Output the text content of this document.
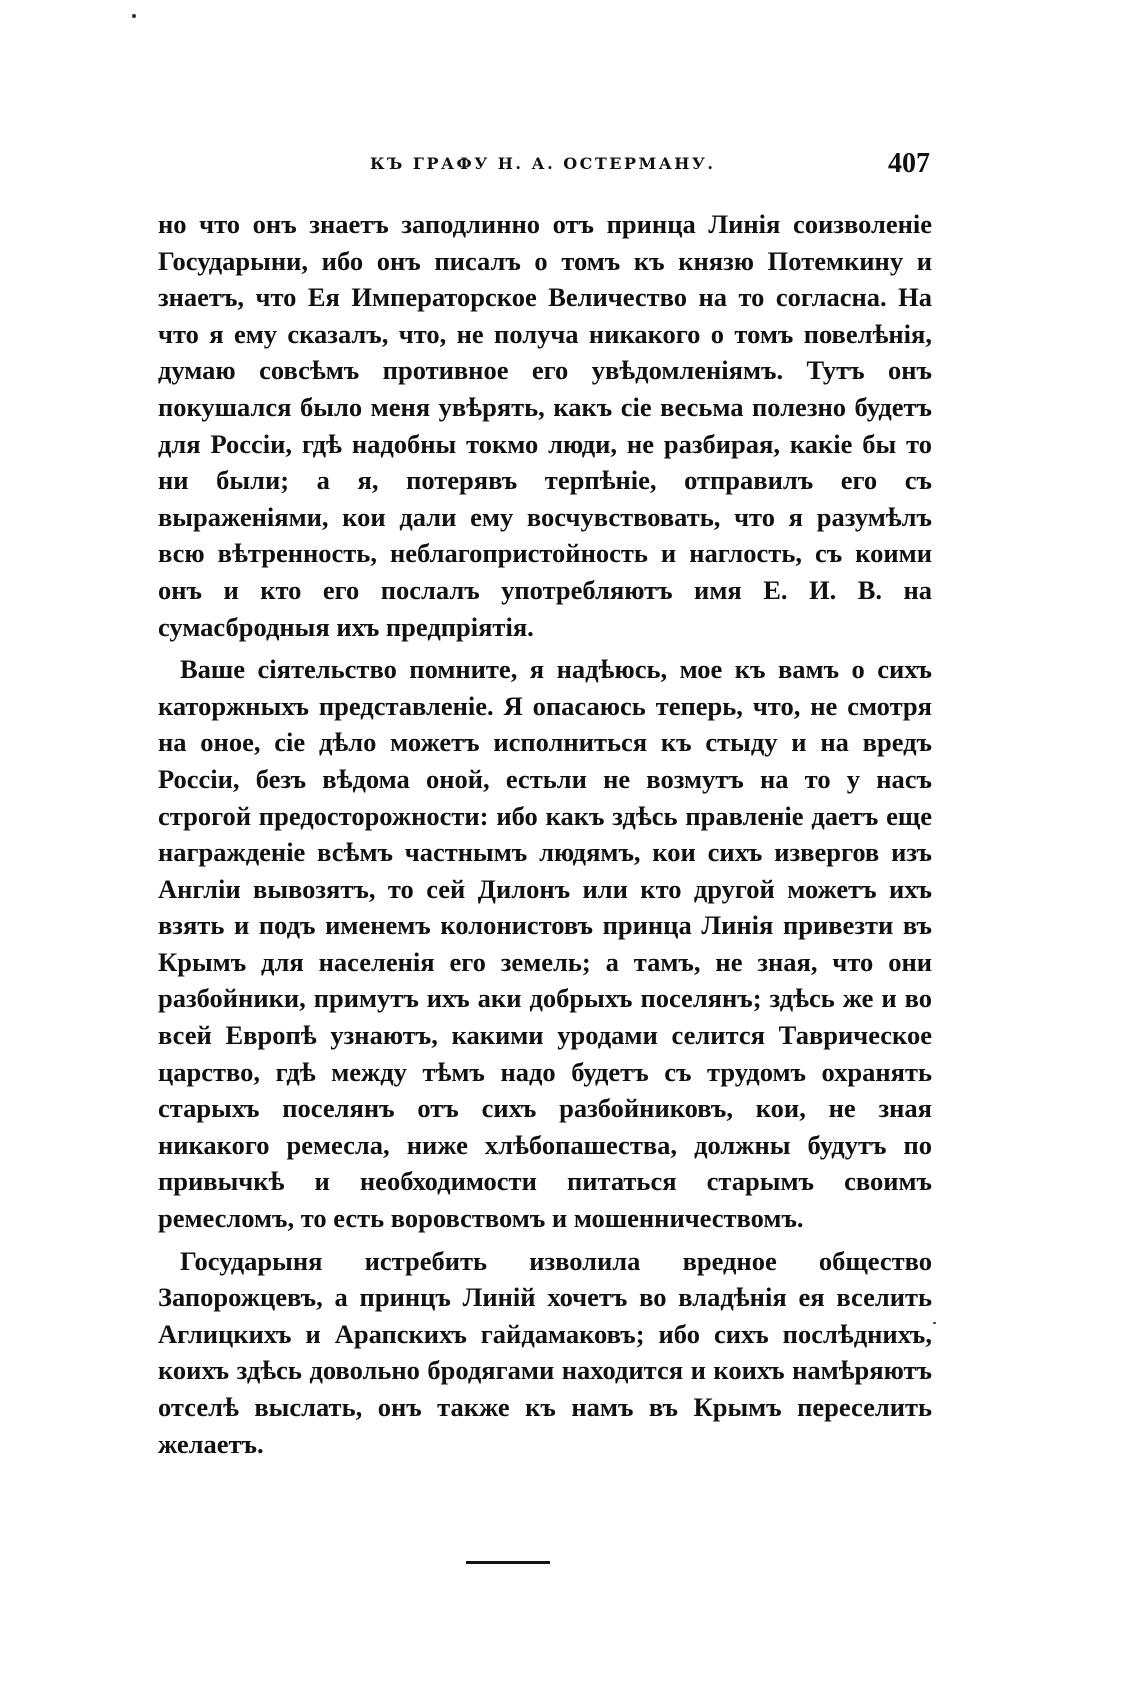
КЪ ГРАФУ Н. А. ОСТЕРМАНУ.	407

но что онъ знаетъ заподлинно отъ принца Линія соизволеніе Государыни, ибо онъ писалъ о томъ къ князю Потемкину и знаетъ, что Ея Императорское Величество на то согласна. На что я ему сказалъ, что, не получа никакого о томъ повелѣнія, думаю совсѣмъ противное его увѣдомленіямъ. Тутъ онъ покушался было меня увѣрять, какъ сіе весьма полезно будетъ для Россіи, гдѣ надобны токмо люди, не разбирая, какіе бы то ни были; а я, потерявъ терпѣніе, отправилъ его съ выраженіями, кои дали ему восчувствовать, что я разумѣлъ всю вѣтренность, неблагопристойность и наглость, съ коими онъ и кто его послалъ употребляютъ имя Е. И. В. на сумасбродныя ихъ предпріятія.

Ваше сіятельство помните, я надѣюсь, мое къ вамъ о сихъ каторжныхъ представленіе. Я опасаюсь теперь, что, не смотря на оное, сіе дѣло можетъ исполниться къ стыду и на вредъ Россіи, безъ вѣдома оной, естьли не возмутъ на то у насъ строгой предосторожности: ибо какъ здѣсь правленіе даетъ еще награжденіе всѣмъ частнымъ людямъ, кои сихъ извергов изъ Англіи вывозятъ, то сей Дилонъ или кто другой можетъ ихъ взять и подъ именемъ колонистовъ принца Линія привезти въ Крымъ для населенія его земель; а тамъ, не зная, что они разбойники, примутъ ихъ аки добрыхъ поселянъ; здѣсь же и во всей Европѣ узнаютъ, какими уродами селится Таврическое царство, гдѣ между тѣмъ надо будетъ съ трудомъ охранять старыхъ поселянъ отъ сихъ разбойниковъ, кои, не зная никакого ремесла, ниже хлѣбопашества, должны будутъ по привычкѣ и необходимости питаться старымъ своимъ ремесломъ, то есть воровствомъ и мошенничествомъ.

Государыня истребить изволила вредное общество Запорожцевъ, а принцъ Линій хочетъ во владѣнія ея вселить Аглицкихъ и Арапскихъ гайдамаковъ; ибо сихъ послѣднихъ, коихъ здѣсь довольно бродягами находится и коихъ намѣряютъ отселѣ выслать, онъ также къ намъ въ Крымъ переселить желаетъ.
